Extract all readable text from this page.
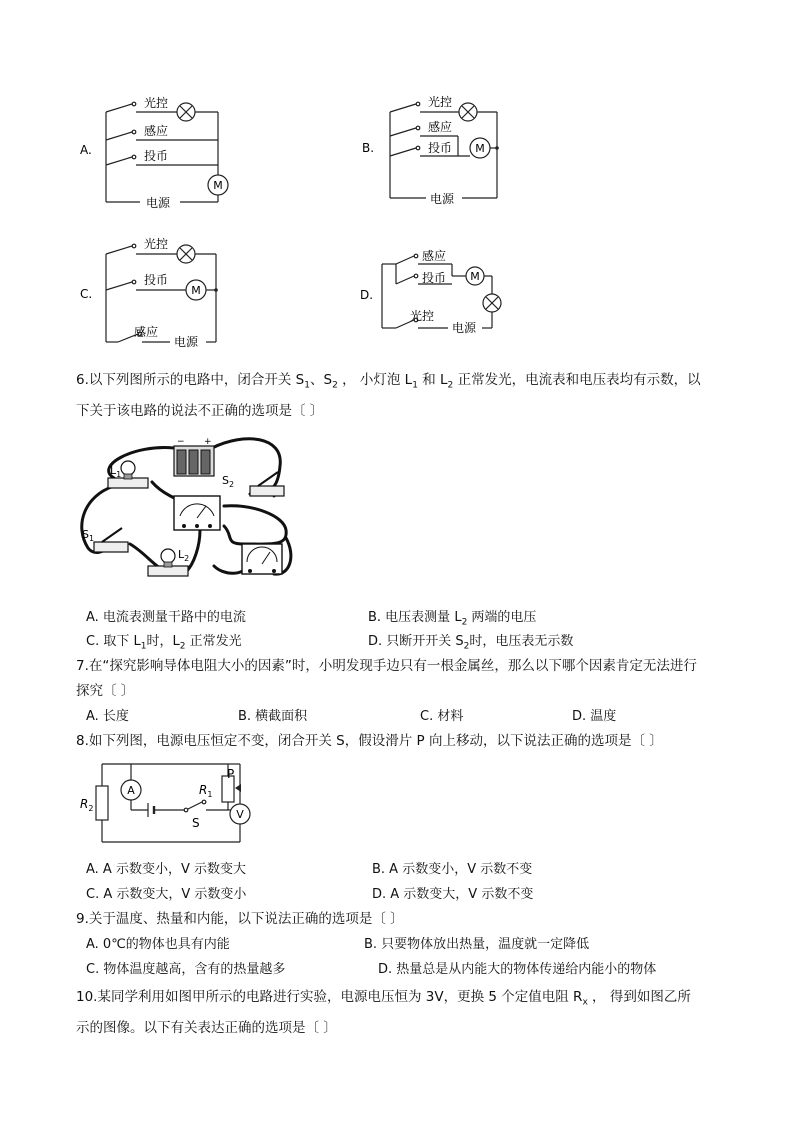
M
A.
光控
感应
投币
电源
M
B.
光控
感应
投币
电源
M
C.
光控
投币
感应
电源
M
D.
感应
投币
光控
电源
6.以下列图所示的电路中，闭合开关 $S_1$、$S_2$ ， 小灯泡 $L_1$ 和 $L_2$ 正常发光，电流表和电压表均有示数，以
下关于该电路的说法不正确的选项是〔 〕
− +
$L_1$	$S_2$
$S_1$
$L_2$
A. 电流表测量干路中的电流	B. 电压表测量 $L_2$ 两端的电压
C. 取下 $L_1$时，$L_2$ 正常发光	D. 只断开开关 $S_2$时，电压表无示数
7.在“探究影响导体电阻大小的因素”时，小明发现手边只有一根金属丝，那么以下哪个因素肯定无法进行
探究〔 〕
A. 长度	B. 横截面积	C. 材料	D. 温度
8.如下列图，电源电压恒定不变，闭合开关 S，假设滑片 P 向上移动，以下说法正确的选项是〔 〕
A
V
$R_2$
$R_1$
P
S
A. A 示数变小，V 示数变大	B. A 示数变小，V 示数不变
C. A 示数变大，V 示数变小	D. A 示数变大，V 示数不变
9.关于温度、热量和内能，以下说法正确的选项是〔 〕
A. 0℃的物体也具有内能	B. 只要物体放出热量，温度就一定降低
C. 物体温度越高，含有的热量越多	D. 热量总是从内能大的物体传递给内能小的物体
10.某同学利用如图甲所示的电路进行实验，电源电压恒为 3V，更换 5 个定值电阻 $R_x$ ， 得到如图乙所
示的图像。以下有关表达正确的选项是〔 〕
